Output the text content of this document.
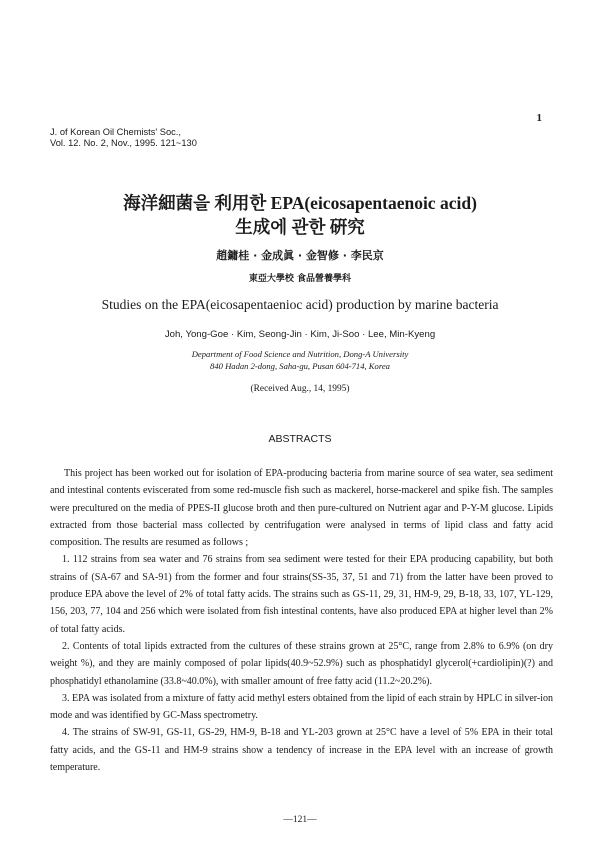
1
J. of Korean Oil Chemists' Soc.,
Vol. 12. No. 2, Nov., 1995. 121~130
海洋細菌을 利用한 EPA(eicosapentaenoic acid)
生成에 관한 硏究
趙鏞桂 · 金成眞 · 金智修 · 李民京
東亞大學校 食品營養學科
Studies on the EPA(eicosapentaenioc acid) production by marine bacteria
Joh, Yong-Goe · Kim, Seong-Jin · Kim, Ji-Soo · Lee, Min-Kyeng
Department of Food Science and Nutrition, Dong-A University
840 Hadan 2-dong, Saha-gu, Pusan 604-714, Korea
(Received Aug., 14, 1995)
ABSTRACTS

This project has been worked out for isolation of EPA-producing bacteria from marine source of sea water, sea sediment and intestinal contents eviscerated from some red-muscle fish such as mackerel, horse-mackerel and spike fish. The samples were precultured on the media of PPES-II glucose broth and then pure-cultured on Nutrient agar and P-Y-M glucose. Lipids extracted from those bacterial mass collected by centrifugation were analysed in terms of lipid class and fatty acid composition. The results are resumed as follows ;

1. 112 strains from sea water and 76 strains from sea sediment were tested for their EPA producing capability, but both strains of (SA-67 and SA-91) from the former and four strains(SS-35, 37, 51 and 71) from the latter have been proved to produce EPA above the level of 2% of total fatty acids. The strains such as GS-11, 29, 31, HM-9, 29, B-18, 33, 107, YL-129, 156, 203, 77, 104 and 256 which were isolated from fish intestinal contents, have also produced EPA at higher level than 2% of total fatty acids.

2. Contents of total lipids extracted from the cultures of these strains grown at 25°C, range from 2.8% to 6.9% (on dry weight %), and they are mainly composed of polar lipids(40.9~52.9%) such as phosphatidyl glycerol(+cardiolipin)(?) and phosphatidyl ethanolamine (33.8~40.0%), with smaller amount of free fatty acid (11.2~20.2%).

3. EPA was isolated from a mixture of fatty acid methyl esters obtained from the lipid of each strain by HPLC in silver-ion mode and was identified by GC-Mass spectrometry.

4. The strains of SW-91, GS-11, GS-29, HM-9, B-18 and YL-203 grown at 25°C have a level of 5% EPA in their total fatty acids, and the GS-11 and HM-9 strains show a tendency of increase in the EPA level with an increase of growth temperature.

—121—
